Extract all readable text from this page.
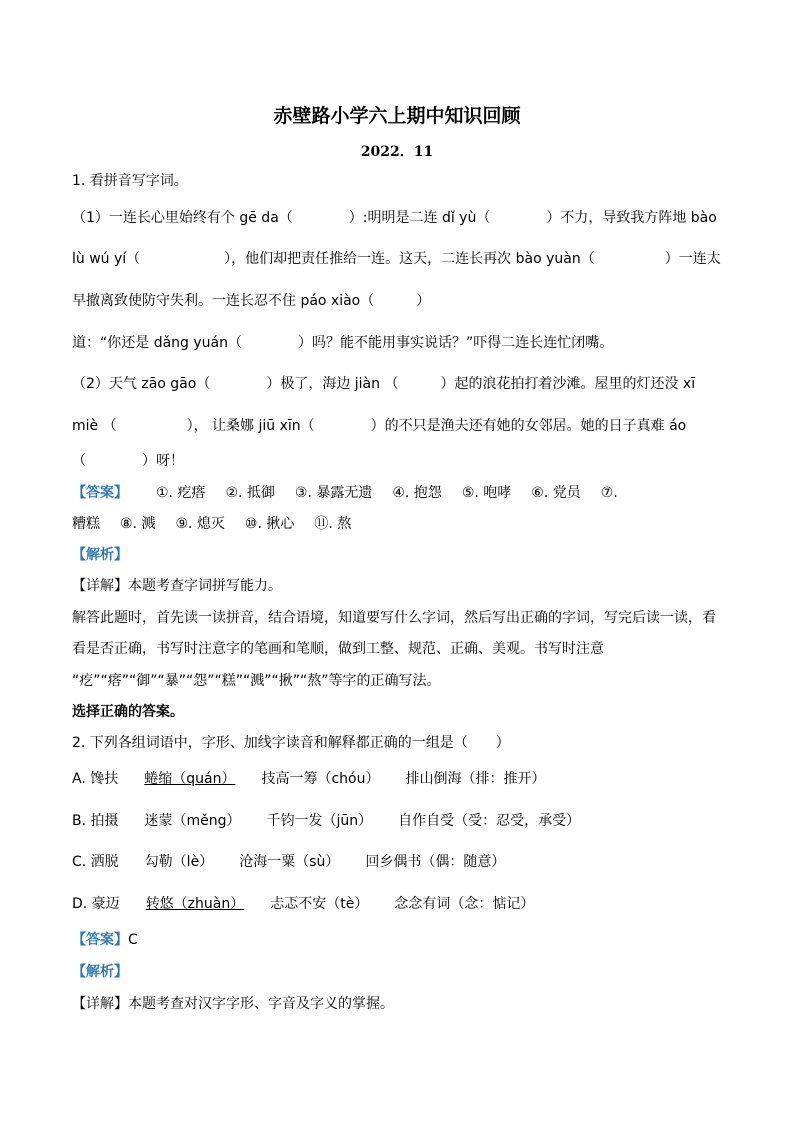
赤壁路小学六上期中知识回顾
2022．11
1. 看拼音写字词。
（1）一连长心里始终有个 gē da（　　　　）:明明是二连 dǐ yù（　　　　）不力，导致我方阵地 bào
lù wú yí（　　　　　　），他们却把责任推给一连。这天，二连长再次 bào yuàn（　　　　　）一连太
早撤离致使防守失利。一连长忍不住 páo xiào（　　　）
道：“你还是 dǎng yuán（　　　　）吗？能不能用事实说话？”吓得二连长连忙闭嘴。
（2）天气 zāo gāo（　　　　）极了，海边 jiàn （　　　）起的浪花拍打着沙滩。屋里的灯还没 xī
miè （　　　　　）， 让桑娜 jiū xīn（　　　　）的不只是渔夫还有她的女邻居。她的日子真难 áo
（　　　　）呀！
【答案】 ①. 疙瘩 ②. 抵御 ③. 暴露无遗 ④. 抱怨 ⑤. 咆哮 ⑥. 党员 ⑦.
糟糕 ⑧. 溅 ⑨. 熄灭 ⑩. 揪心 ⑪. 熬
【解析】
【详解】本题考查字词拼写能力。
解答此题时，首先读一读拼音，结合语境，知道要写什么字词，然后写出正确的字词，写完后读一读，看
看是否正确，书写时注意字的笔画和笔顺，做到工整、规范、正确、美观。书写时注意
“疙”“瘩”“御”“暴”“怨”“糕”“溅”“揪”“熬”等字的正确写法。
选择正确的答案。
2. 下列各组词语中，字形、加线字读音和解释都正确的一组是（　　）
A. 馋扶 蜷缩（quán） 技高一筹（chóu） 排山倒海（排：推开）
B. 拍摄 迷蒙（měng） 千钧一发（jūn） 自作自受（受：忍受，承受）
C. 洒脱 勾勒（lè） 沧海一粟（sù） 回乡偶书（偶：随意）
D. 豪迈 转悠（zhuàn） 忐忑不安（tè） 念念有词（念：惦记）
【答案】C
【解析】
【详解】本题考查对汉字字形、字音及字义的掌握。
